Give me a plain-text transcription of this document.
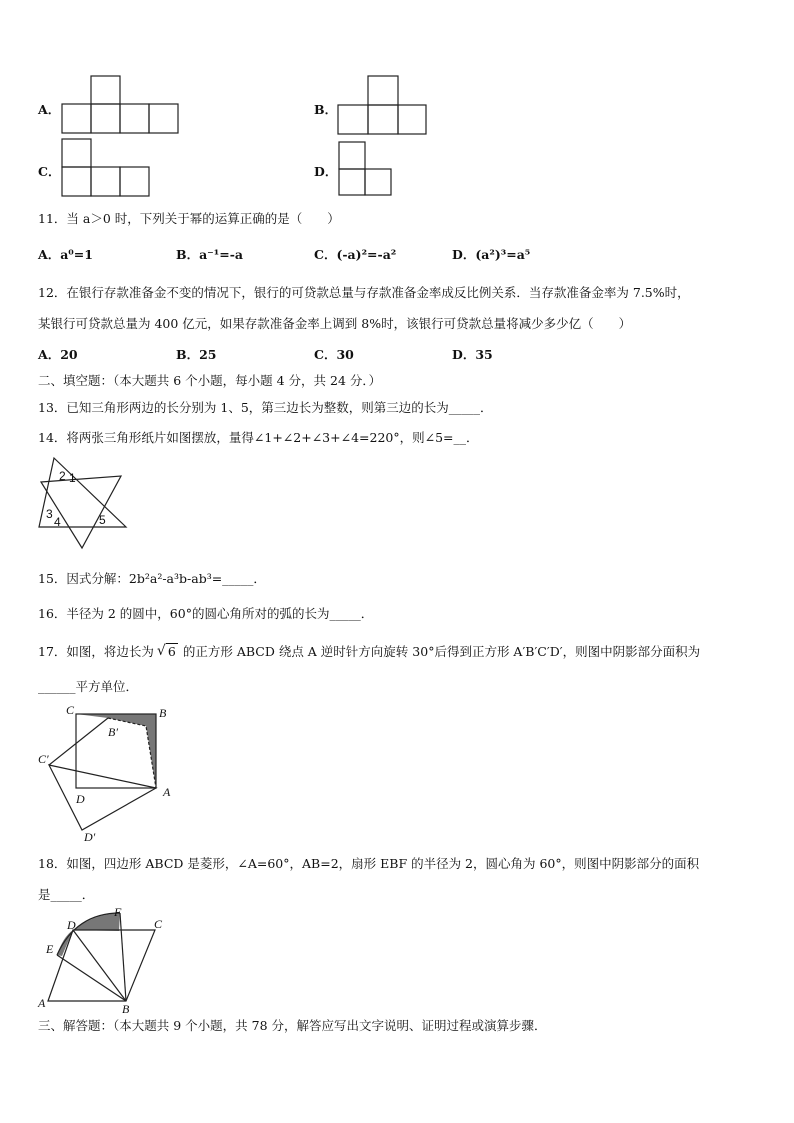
A．	B．
C．	D．
11．当 a＞0 时，下列关于幂的运算正确的是（　　）
A．a⁰=1	B．a⁻¹=-a	C．(-a)²=-a²	D．(a²)³=a⁵
12．在银行存款准备金不变的情况下，银行的可贷款总量与存款准备金率成反比例关系．当存款准备金率为 7.5%时，
某银行可贷款总量为 400 亿元，如果存款准备金率上调到 8%时，该银行可贷款总量将减少多少亿（　　）
A．20	B．25	C．30	D．35
二、填空题：（本大题共 6 个小题，每小题 4 分，共 24 分．）
13．已知三角形两边的长分别为 1、5，第三边长为整数，则第三边的长为_____．
14．将两张三角形纸片如图摆放，量得∠1+∠2+∠3+∠4=220°，则∠5=__．
2 1
3
4	5
15．因式分解：2b²a²-a³b-ab³=_____．
16．半径为 2 的圆中，60°的圆心角所对的弧的长为_____．
17．如图，将边长为 √ 6 的正方形 ABCD 绕点 A 逆时针方向旋转 30°后得到正方形 A′B′C′D′，则图中阴影部分面积为
______平方单位．
C	B
B′
C′
D	A
D′
18．如图，四边形 ABCD 是菱形，∠A=60°，AB=2，扇形 EBF 的半径为 2，圆心角为 60°，则图中阴影部分的面积
是_____．
D
F
C
E
A	B
三、解答题：（本大题共 9 个小题，共 78 分，解答应写出文字说明、证明过程或演算步骤．
